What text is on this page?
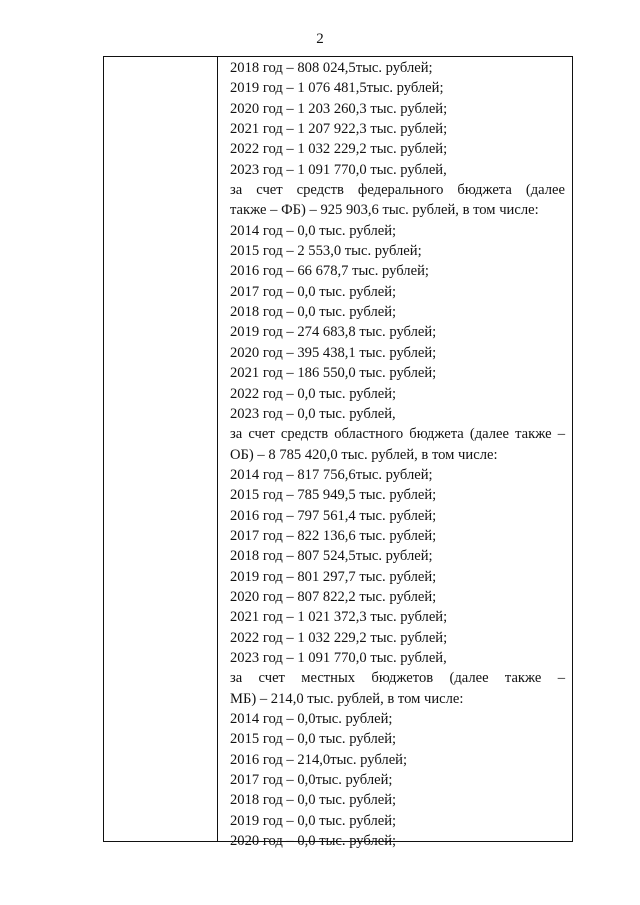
2
2018 год – 808 024,5тыс. рублей;
2019 год – 1 076 481,5тыс. рублей;
2020 год – 1 203 260,3 тыс. рублей;
2021 год – 1 207 922,3 тыс. рублей;
2022 год – 1 032 229,2 тыс. рублей;
2023 год – 1 091 770,0 тыс. рублей,
за счет средств федерального бюджета (далее
также – ФБ) – 925 903,6 тыс. рублей, в том числе:
2014 год – 0,0 тыс. рублей;
2015 год – 2 553,0 тыс. рублей;
2016 год – 66 678,7 тыс. рублей;
2017 год – 0,0 тыс. рублей;
2018 год – 0,0 тыс. рублей;
2019 год – 274 683,8 тыс. рублей;
2020 год – 395 438,1 тыс. рублей;
2021 год – 186 550,0 тыс. рублей;
2022 год – 0,0 тыс. рублей;
2023 год – 0,0 тыс. рублей,
за счет средств областного бюджета (далее также –
ОБ) – 8 785 420,0 тыс. рублей, в том числе:
2014 год – 817 756,6тыс. рублей;
2015 год – 785 949,5 тыс. рублей;
2016 год – 797 561,4 тыс. рублей;
2017 год – 822 136,6 тыс. рублей;
2018 год – 807 524,5тыс. рублей;
2019 год – 801 297,7 тыс. рублей;
2020 год – 807 822,2 тыс. рублей;
2021 год – 1 021 372,3 тыс. рублей;
2022 год – 1 032 229,2 тыс. рублей;
2023 год – 1 091 770,0 тыс. рублей,
за счет местных бюджетов (далее также –
МБ) – 214,0 тыс. рублей, в том числе:
2014 год – 0,0тыс. рублей;
2015 год – 0,0 тыс. рублей;
2016 год – 214,0тыс. рублей;
2017 год – 0,0тыс. рублей;
2018 год – 0,0 тыс. рублей;
2019 год – 0,0 тыс. рублей;
2020 год – 0,0 тыс. рублей;
